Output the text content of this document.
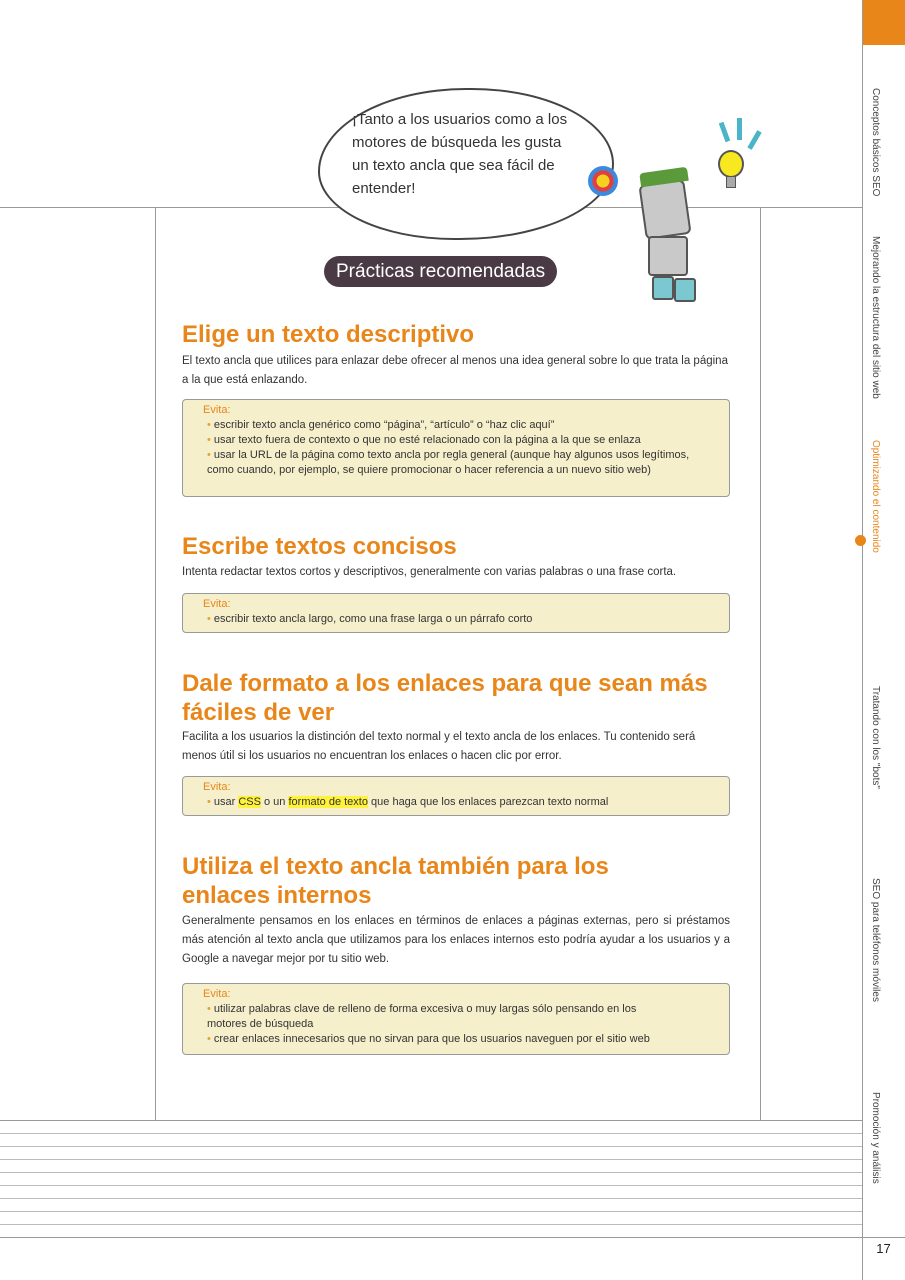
Conceptos básicos SEO
Mejorando la estructura del sitio web
Optimizando el contenido
Tratando con los "bots"
SEO para teléfonos móviles
Promoción y análisis
¡Tanto a los usuarios como a los motores de búsqueda les gusta un texto ancla que sea fácil de entender!
Prácticas recomendadas
Elige un texto descriptivo
El texto ancla que utilices para enlazar debe ofrecer al menos una idea general sobre lo que trata la página a la que está enlazando.
Evita:
• escribir texto ancla genérico como “página”, “artículo” o “haz clic aquí”
• usar texto fuera de contexto o que no esté relacionado con la página a la que se enlaza
• usar la URL de la página como texto ancla por regla general (aunque hay algunos usos legítimos, como cuando, por ejemplo, se quiere promocionar o hacer referencia a un nuevo sitio web)
Escribe textos concisos
Intenta redactar textos cortos y descriptivos, generalmente con varias palabras o una frase corta.
Evita:
• escribir texto ancla largo, como una frase larga o un párrafo corto
Dale formato a los enlaces para que sean más fáciles de ver
Facilita a los usuarios la distinción del texto normal y el texto ancla de los enlaces. Tu contenido será menos útil si los usuarios no encuentran los enlaces o hacen clic por error.
Evita:
• usar CSS o un formato de texto que haga que los enlaces parezcan texto normal
Utiliza el texto ancla también para los enlaces internos
Generalmente pensamos en los enlaces en términos de enlaces a páginas externas, pero si préstamos más atención al texto ancla que utilizamos para los enlaces internos esto podría ayudar a los usuarios y a Google a navegar mejor por tu sitio web.
Evita:
• utilizar palabras clave de relleno de forma excesiva o muy largas sólo pensando en los motores de búsqueda
• crear enlaces innecesarios que no sirvan para que los usuarios naveguen por el sitio web
17
